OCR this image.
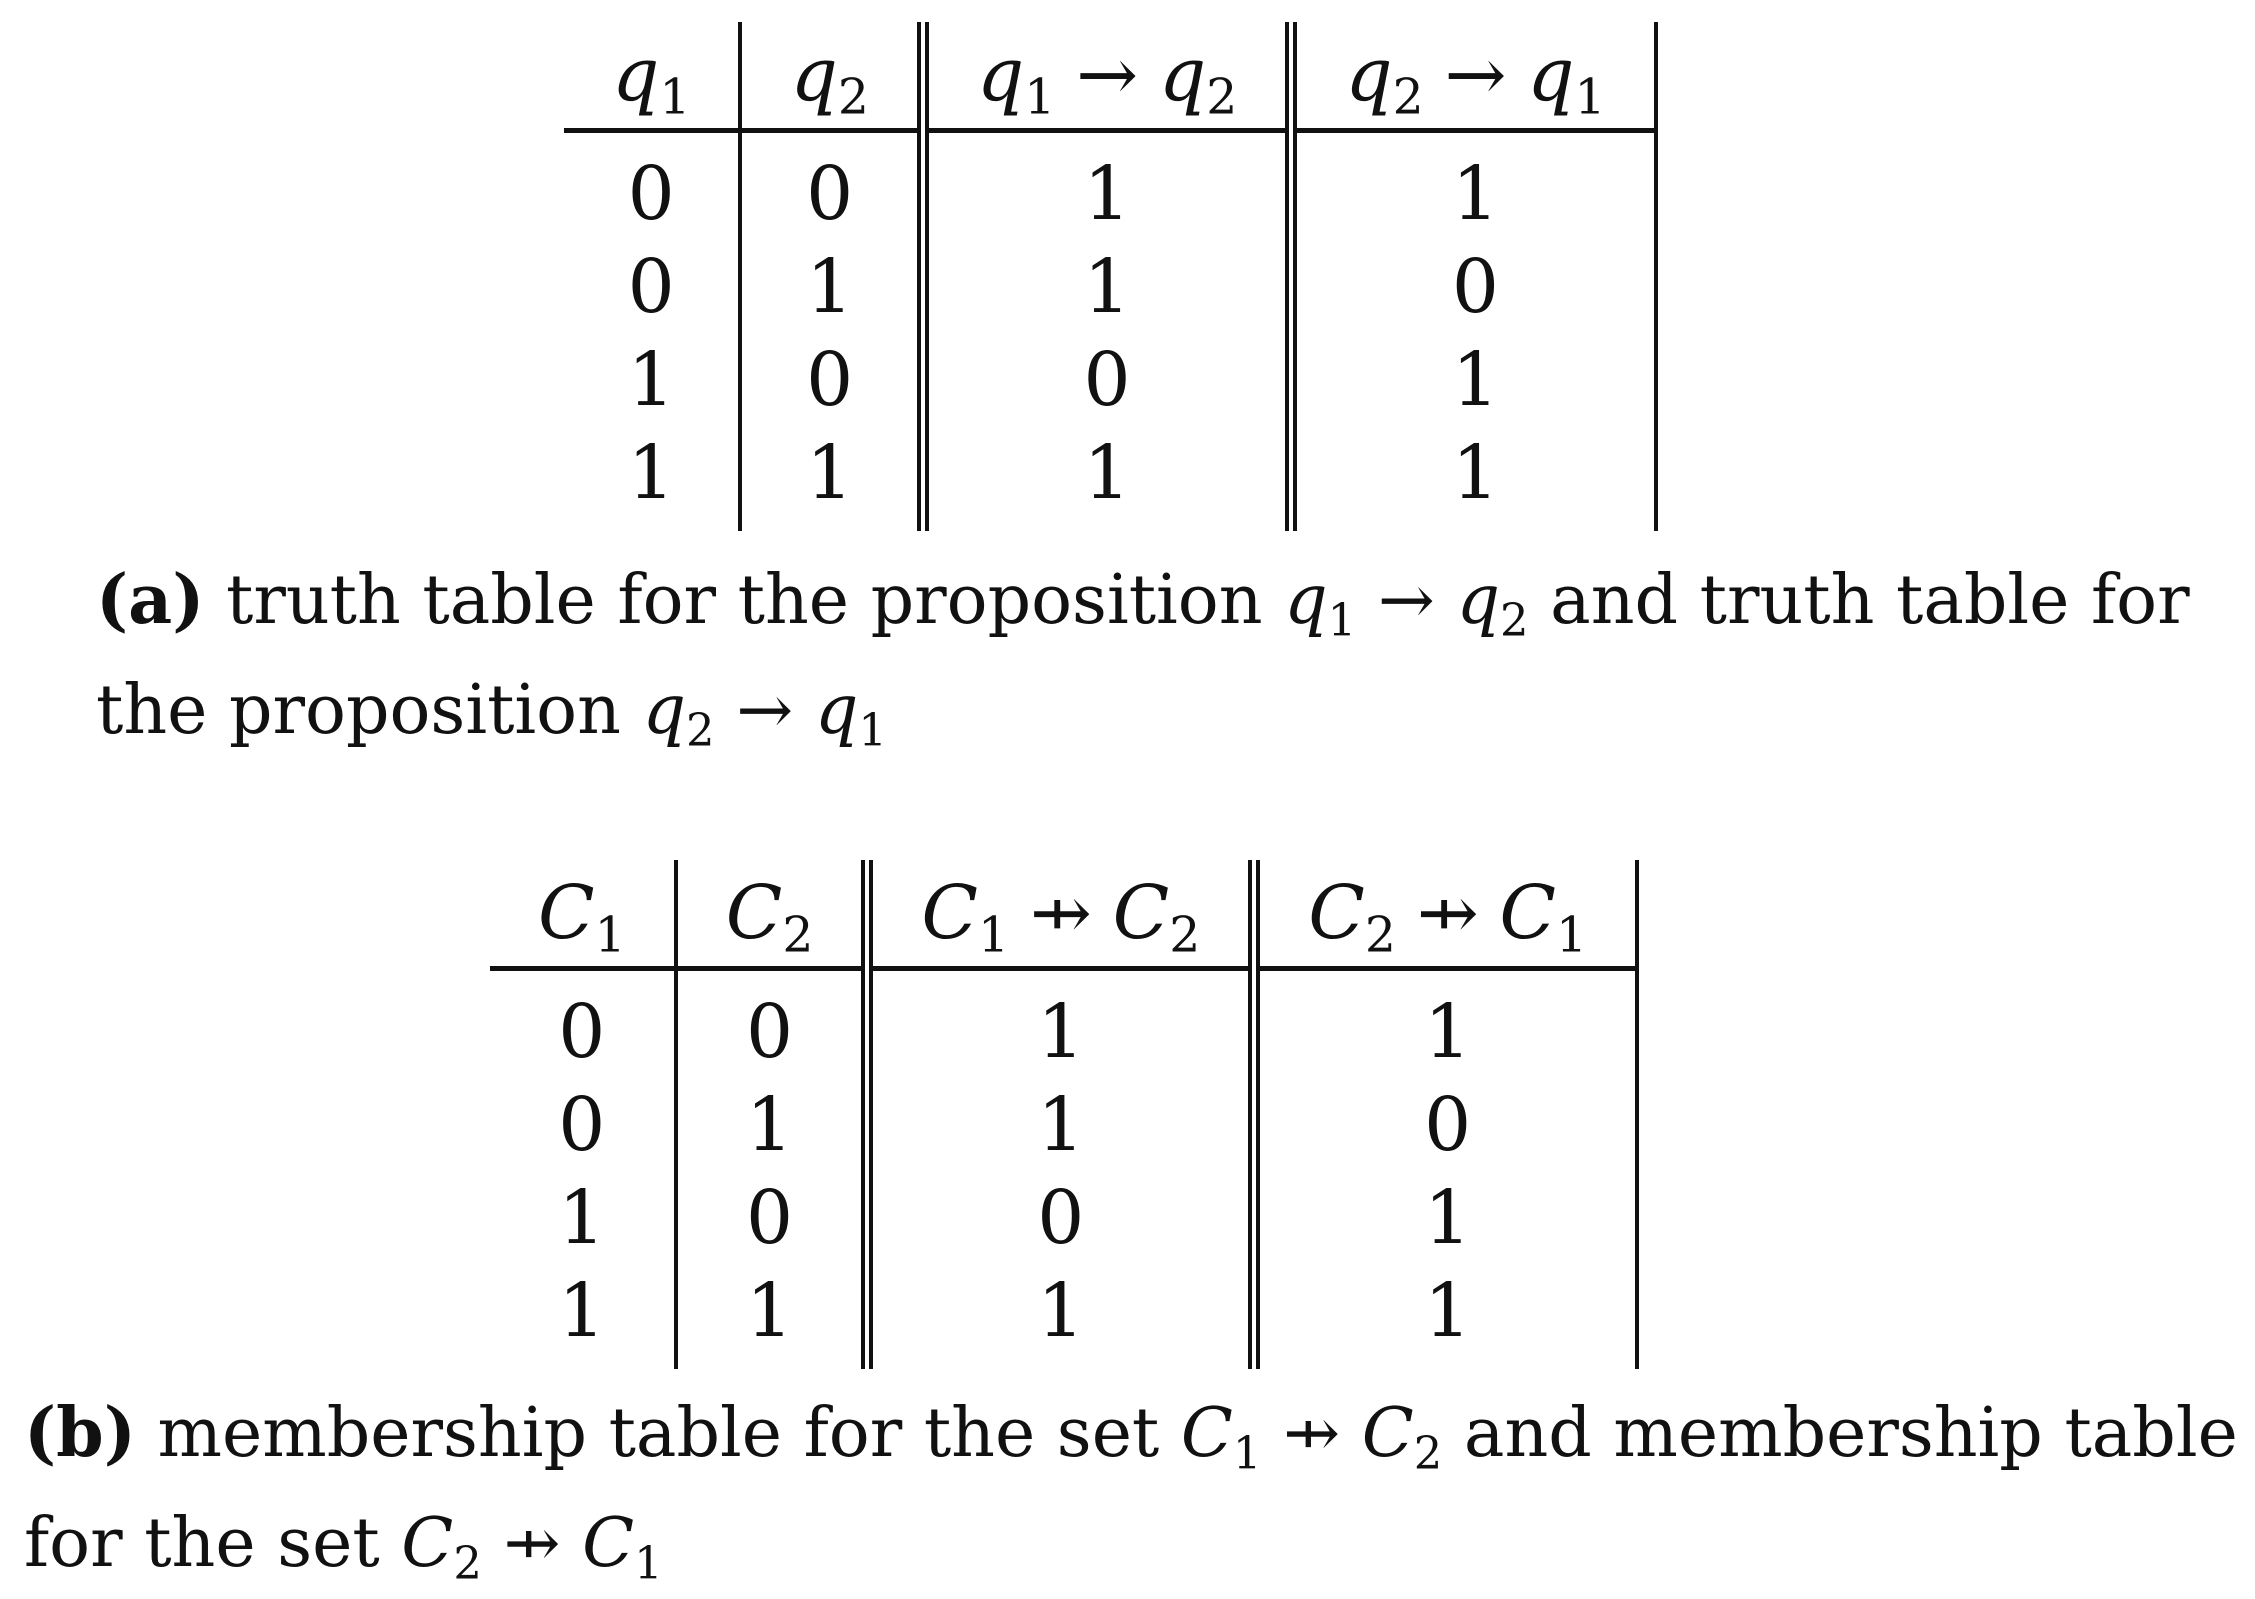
$q_1$	$q_2$	$q_1 \to q_2$	$q_2 \to q_1$
0	0	1	1
0	1	1	0
1	0	0	1
1	1	1	1
(a) truth table for the proposition $q_1 \to q_2$ and truth table for
the proposition $q_2 \to q_1$
$C_1$	$C_2$	$C_1$ ⇸ $C_2$	$C_2$ ⇸ $C_1$
0	0	1	1
0	1	1	0
1	0	0	1
1	1	1	1
(b) membership table for the set $C_1$ ⇸ $C_2$ and membership table
for the set $C_2$ ⇸ $C_1$
